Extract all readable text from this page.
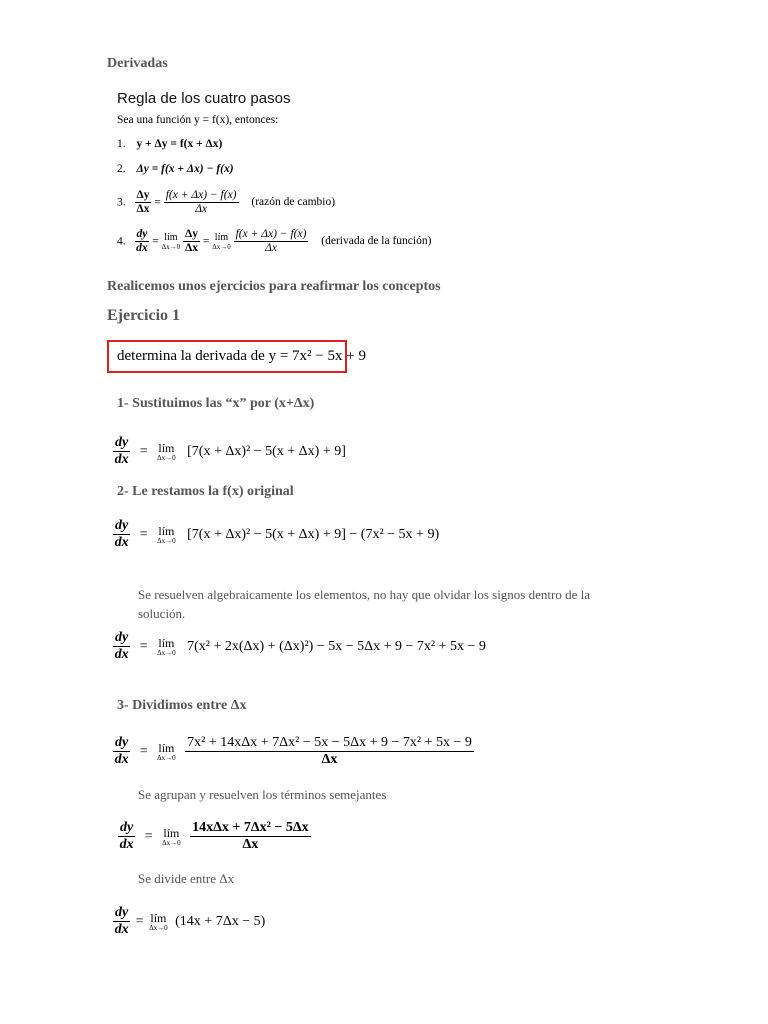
Derivadas
Regla de los cuatro pasos
Sea una función y = f(x), entonces:
1. y + Δy = f(x + Δx)
2. Δy = f(x + Δx) − f(x)
3. $\frac{\Delta y}{\Delta x} = \frac{f(x + \Delta x) - f(x)}{\Delta x}$ (razón de cambio)
4. $\frac{dy}{dx}$ = lím
Δx→0
$\frac{\Delta y}{\Delta x}$ = lím
Δx→0
$\frac{f(x + \Delta x) - f(x)}{\Delta x}$ (derivada de la función)
Realicemos unos ejercicios para reafirmar los conceptos
Ejercicio 1
determina la derivada de y = 7x² − 5x + 9
1- Sustituimos las “x” por (x+Δx)
$\frac{dy}{dx}$ = lím
Δx→0 [7(x + Δx)² − 5(x + Δx) + 9]
2- Le restamos la f(x) original
$\frac{dy}{dx}$ = lím
Δx→0 [7(x + Δx)² − 5(x + Δx) + 9] − (7x² − 5x + 9)
Se resuelven algebraicamente los elementos, no hay que olvidar los signos dentro de la
solución.
$\frac{dy}{dx}$ = lím
Δx→0 7(x² + 2x(Δx) + (Δx)²) − 5x − 5Δx + 9 − 7x² + 5x − 9
3- Dividimos entre Δx
$\frac{dy}{dx}$ = lím
Δx→0
$\frac{\text{7x² + 14xΔx + 7Δx² − 5x − 5Δx + 9 − 7x² + 5x − 9}}{\Delta x}$
Se agrupan y resuelven los términos semejantes
$\frac{dy}{dx}$ = lím
Δx→0
$\frac{\text{14xΔx + 7Δx² − 5Δx}}{\Delta x}$
Se divide entre Δx
$\frac{dy}{dx}$ = lím
Δx→0 (14x + 7Δx − 5)
